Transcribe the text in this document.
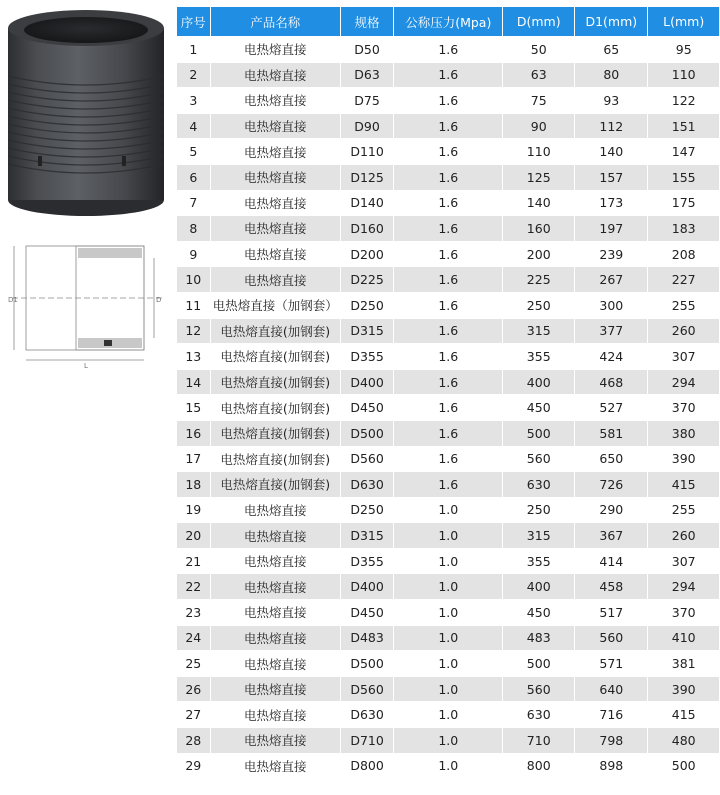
D1	D
L
序号	产品名称	规格	公称压力(Mpa)	D(mm)	D1(mm)	L(mm)
1	电热熔直接	D50	1.6	50	65	95
2	电热熔直接	D63	1.6	63	80	110
3	电热熔直接	D75	1.6	75	93	122
4	电热熔直接	D90	1.6	90	112	151
5	电热熔直接	D110	1.6	110	140	147
6	电热熔直接	D125	1.6	125	157	155
7	电热熔直接	D140	1.6	140	173	175
8	电热熔直接	D160	1.6	160	197	183
9	电热熔直接	D200	1.6	200	239	208
10	电热熔直接	D225	1.6	225	267	227
11	电热熔直接（加钢套）	D250	1.6	250	300	255
12	电热熔直接(加钢套)	D315	1.6	315	377	260
13	电热熔直接(加钢套)	D355	1.6	355	424	307
14	电热熔直接(加钢套)	D400	1.6	400	468	294
15	电热熔直接(加钢套)	D450	1.6	450	527	370
16	电热熔直接(加钢套)	D500	1.6	500	581	380
17	电热熔直接(加钢套)	D560	1.6	560	650	390
18	电热熔直接(加钢套)	D630	1.6	630	726	415
19	电热熔直接	D250	1.0	250	290	255
20	电热熔直接	D315	1.0	315	367	260
21	电热熔直接	D355	1.0	355	414	307
22	电热熔直接	D400	1.0	400	458	294
23	电热熔直接	D450	1.0	450	517	370
24	电热熔直接	D483	1.0	483	560	410
25	电热熔直接	D500	1.0	500	571	381
26	电热熔直接	D560	1.0	560	640	390
27	电热熔直接	D630	1.0	630	716	415
28	电热熔直接	D710	1.0	710	798	480
29	电热熔直接	D800	1.0	800	898	500
